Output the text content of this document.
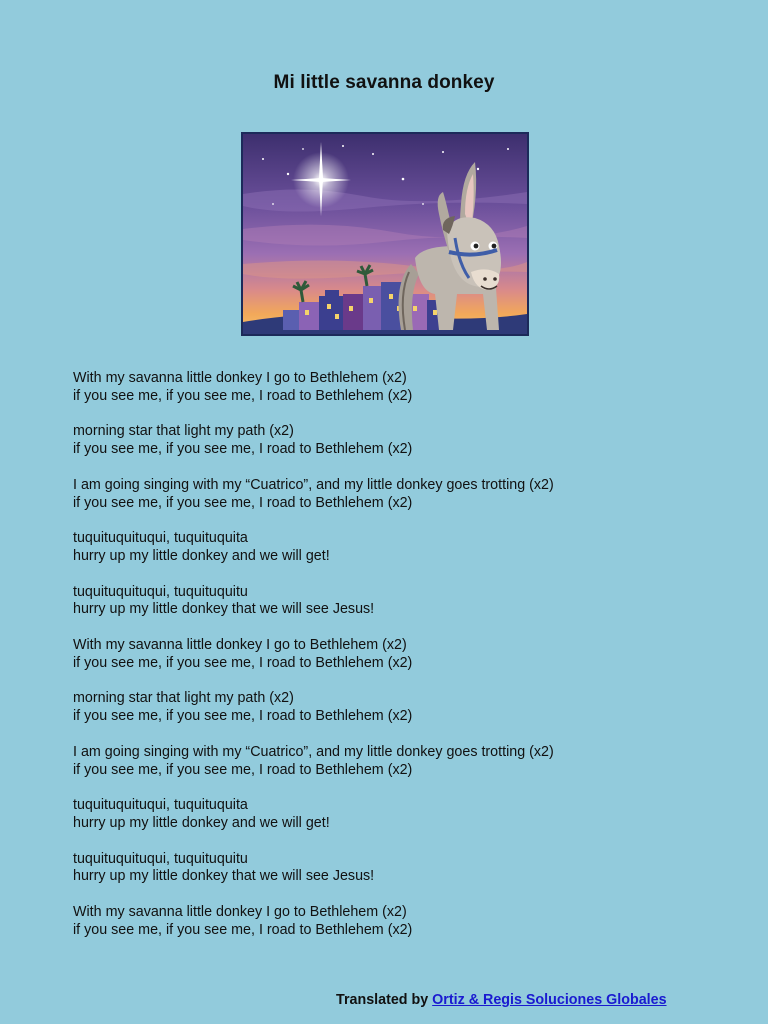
Mi little savanna donkey
With my savanna little donkey I go to Bethlehem (x2)
if you see me, if you see me, I road to Bethlehem (x2)
morning star that light my path (x2)
if you see me, if you see me, I road to Bethlehem (x2)
I am going singing with my “Cuatrico”, and my little donkey goes trotting (x2)
if you see me, if you see me, I road to Bethlehem (x2)
tuquituquituqui, tuquituquita
hurry up my little donkey and we will get!
tuquituquituqui, tuquituquitu
hurry up my little donkey that we will see Jesus!
With my savanna little donkey I go to Bethlehem (x2)
if you see me, if you see me, I road to Bethlehem (x2)
morning star that light my path (x2)
if you see me, if you see me, I road to Bethlehem (x2)
I am going singing with my “Cuatrico”, and my little donkey goes trotting (x2)
if you see me, if you see me, I road to Bethlehem (x2)
tuquituquituqui, tuquituquita
hurry up my little donkey and we will get!
tuquituquituqui, tuquituquitu
hurry up my little donkey that we will see Jesus!
With my savanna little donkey I go to Bethlehem (x2)
if you see me, if you see me, I road to Bethlehem (x2)
Translated by Ortiz & Regis Soluciones Globales
